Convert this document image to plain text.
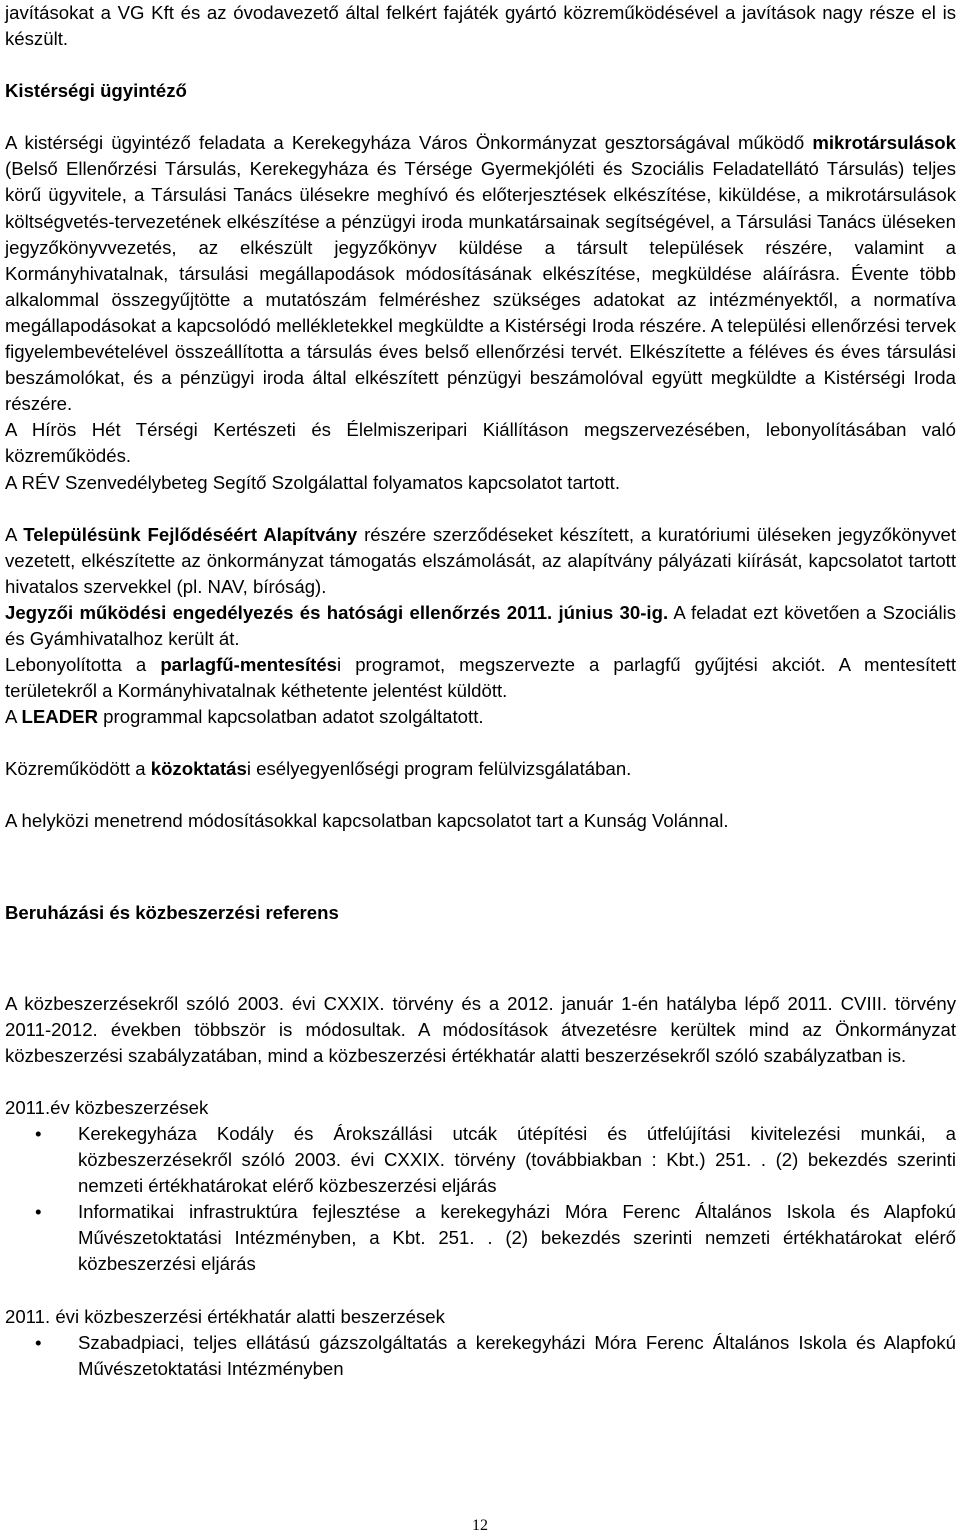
javításokat a VG Kft és az óvodavezető által felkért fajáték gyártó közreműködésével a javítások nagy része el is készült.

Kistérségi ügyintéző

A kistérségi ügyintéző feladata a Kerekegyháza Város Önkormányzat gesztorságával működő mikrotársulások (Belső Ellenőrzési Társulás, Kerekegyháza és Térsége Gyermekjóléti és Szociális Feladatellátó Társulás) teljes körű ügyvitele, a Társulási Tanács ülésekre meghívó és előterjesztések elkészítése, kiküldése, a mikrotársulások költségvetés-tervezetének elkészítése a pénzügyi iroda munkatársainak segítségével, a Társulási Tanács üléseken jegyzőkönyvvezetés, az elkészült jegyzőkönyv küldése a társult települések részére, valamint a Kormányhivatalnak, társulási megállapodások módosításának elkészítése, megküldése aláírásra. Évente több alkalommal összegyűjtötte a mutatószám felméréshez szükséges adatokat az intézményektől, a normatíva megállapodásokat a kapcsolódó mellékletekkel megküldte a Kistérségi Iroda részére. A települési ellenőrzési tervek figyelembevételével összeállította a társulás éves belső ellenőrzési tervét. Elkészítette a féléves és éves társulási beszámolókat, és a pénzügyi iroda által elkészített pénzügyi beszámolóval együtt megküldte a Kistérségi Iroda részére.

A Hírös Hét Térségi Kertészeti és Élelmiszeripari Kiállításon megszervezésében, lebonyolításában való közreműködés.

A RÉV Szenvedélybeteg Segítő Szolgálattal folyamatos kapcsolatot tartott.

A Településünk Fejlődéséért Alapítvány részére szerződéseket készített, a kuratóriumi üléseken jegyzőkönyvet vezetett, elkészítette az önkormányzat támogatás elszámolását, az alapítvány pályázati kiírását, kapcsolatot tartott hivatalos szervekkel (pl. NAV, bíróság).

Jegyzői működési engedélyezés és hatósági ellenőrzés 2011. június 30-ig. A feladat ezt követően a Szociális és Gyámhivatalhoz került át.

Lebonyolította a parlagfű-mentesítési programot, megszervezte a parlagfű gyűjtési akciót. A mentesített területekről a Kormányhivatalnak kéthetente jelentést küldött.

A LEADER programmal kapcsolatban adatot szolgáltatott.

Közreműködött a közoktatási esélyegyenlőségi program felülvizsgálatában.

A helyközi menetrend módosításokkal kapcsolatban kapcsolatot tart a Kunság Volánnal.

Beruházási és közbeszerzési referens

A közbeszerzésekről szóló 2003. évi CXXIX. törvény és a 2012. január 1-én hatályba lépő 2011. CVIII. törvény 2011-2012. években többször is módosultak. A módosítások átvezetésre kerültek mind az Önkormányzat közbeszerzési szabályzatában, mind a közbeszerzési értékhatár alatti beszerzésekről szóló szabályzatban is.

2011.év közbeszerzések

• Kerekegyháza Kodály és Árokszállási utcák útépítési és útfelújítási kivitelezési munkái, a közbeszerzésekről szóló 2003. évi CXXIX. törvény (továbbiakban : Kbt.) 251. . (2) bekezdés szerinti nemzeti értékhatárokat elérő közbeszerzési eljárás
• Informatikai infrastruktúra fejlesztése a kerekegyházi Móra Ferenc Általános Iskola és Alapfokú Művészetoktatási Intézményben, a Kbt. 251. . (2) bekezdés szerinti nemzeti értékhatárokat elérő közbeszerzési eljárás

2011. évi közbeszerzési értékhatár alatti beszerzések

• Szabadpiaci, teljes ellátású gázszolgáltatás a kerekegyházi Móra Ferenc Általános Iskola és Alapfokú Művészetoktatási Intézményben
12
